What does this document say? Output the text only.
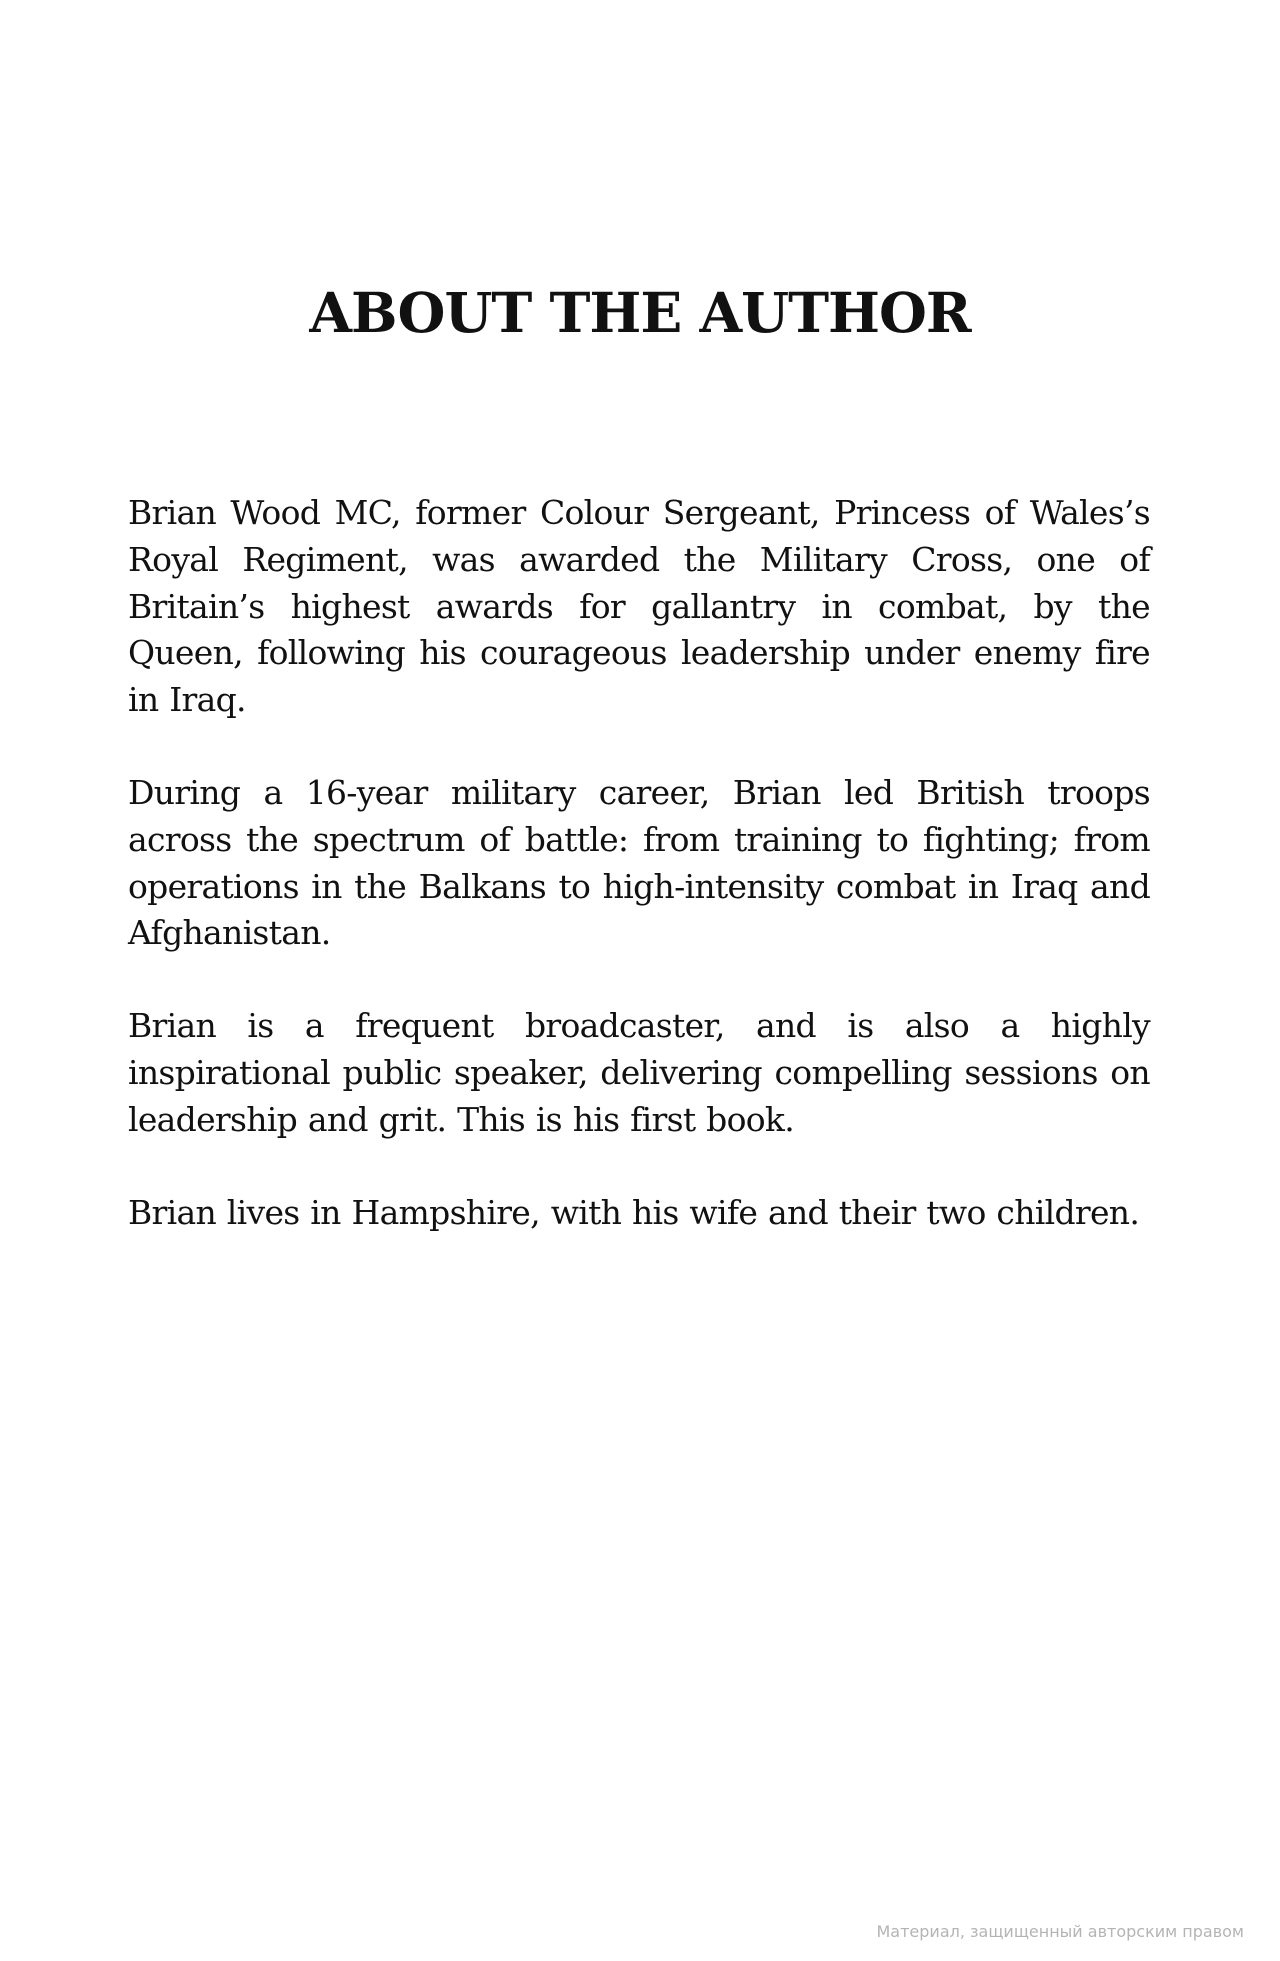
ABOUT THE AUTHOR

Brian Wood MC, former Colour Sergeant, Princess of Wales’s Royal Regiment, was awarded the Military Cross, one of Britain’s highest awards for gallantry in combat, by the Queen, following his courageous leadership under enemy fire in Iraq.

During a 16-year military career, Brian led British troops across the spectrum of battle: from training to fighting; from operations in the Balkans to high-intensity combat in Iraq and Afghanistan.

Brian is a frequent broadcaster, and is also a highly inspirational public speaker, delivering compelling sessions on leadership and grit. This is his first book.

Brian lives in Hampshire, with his wife and their two children.

Материал, защищенный авторским правом
